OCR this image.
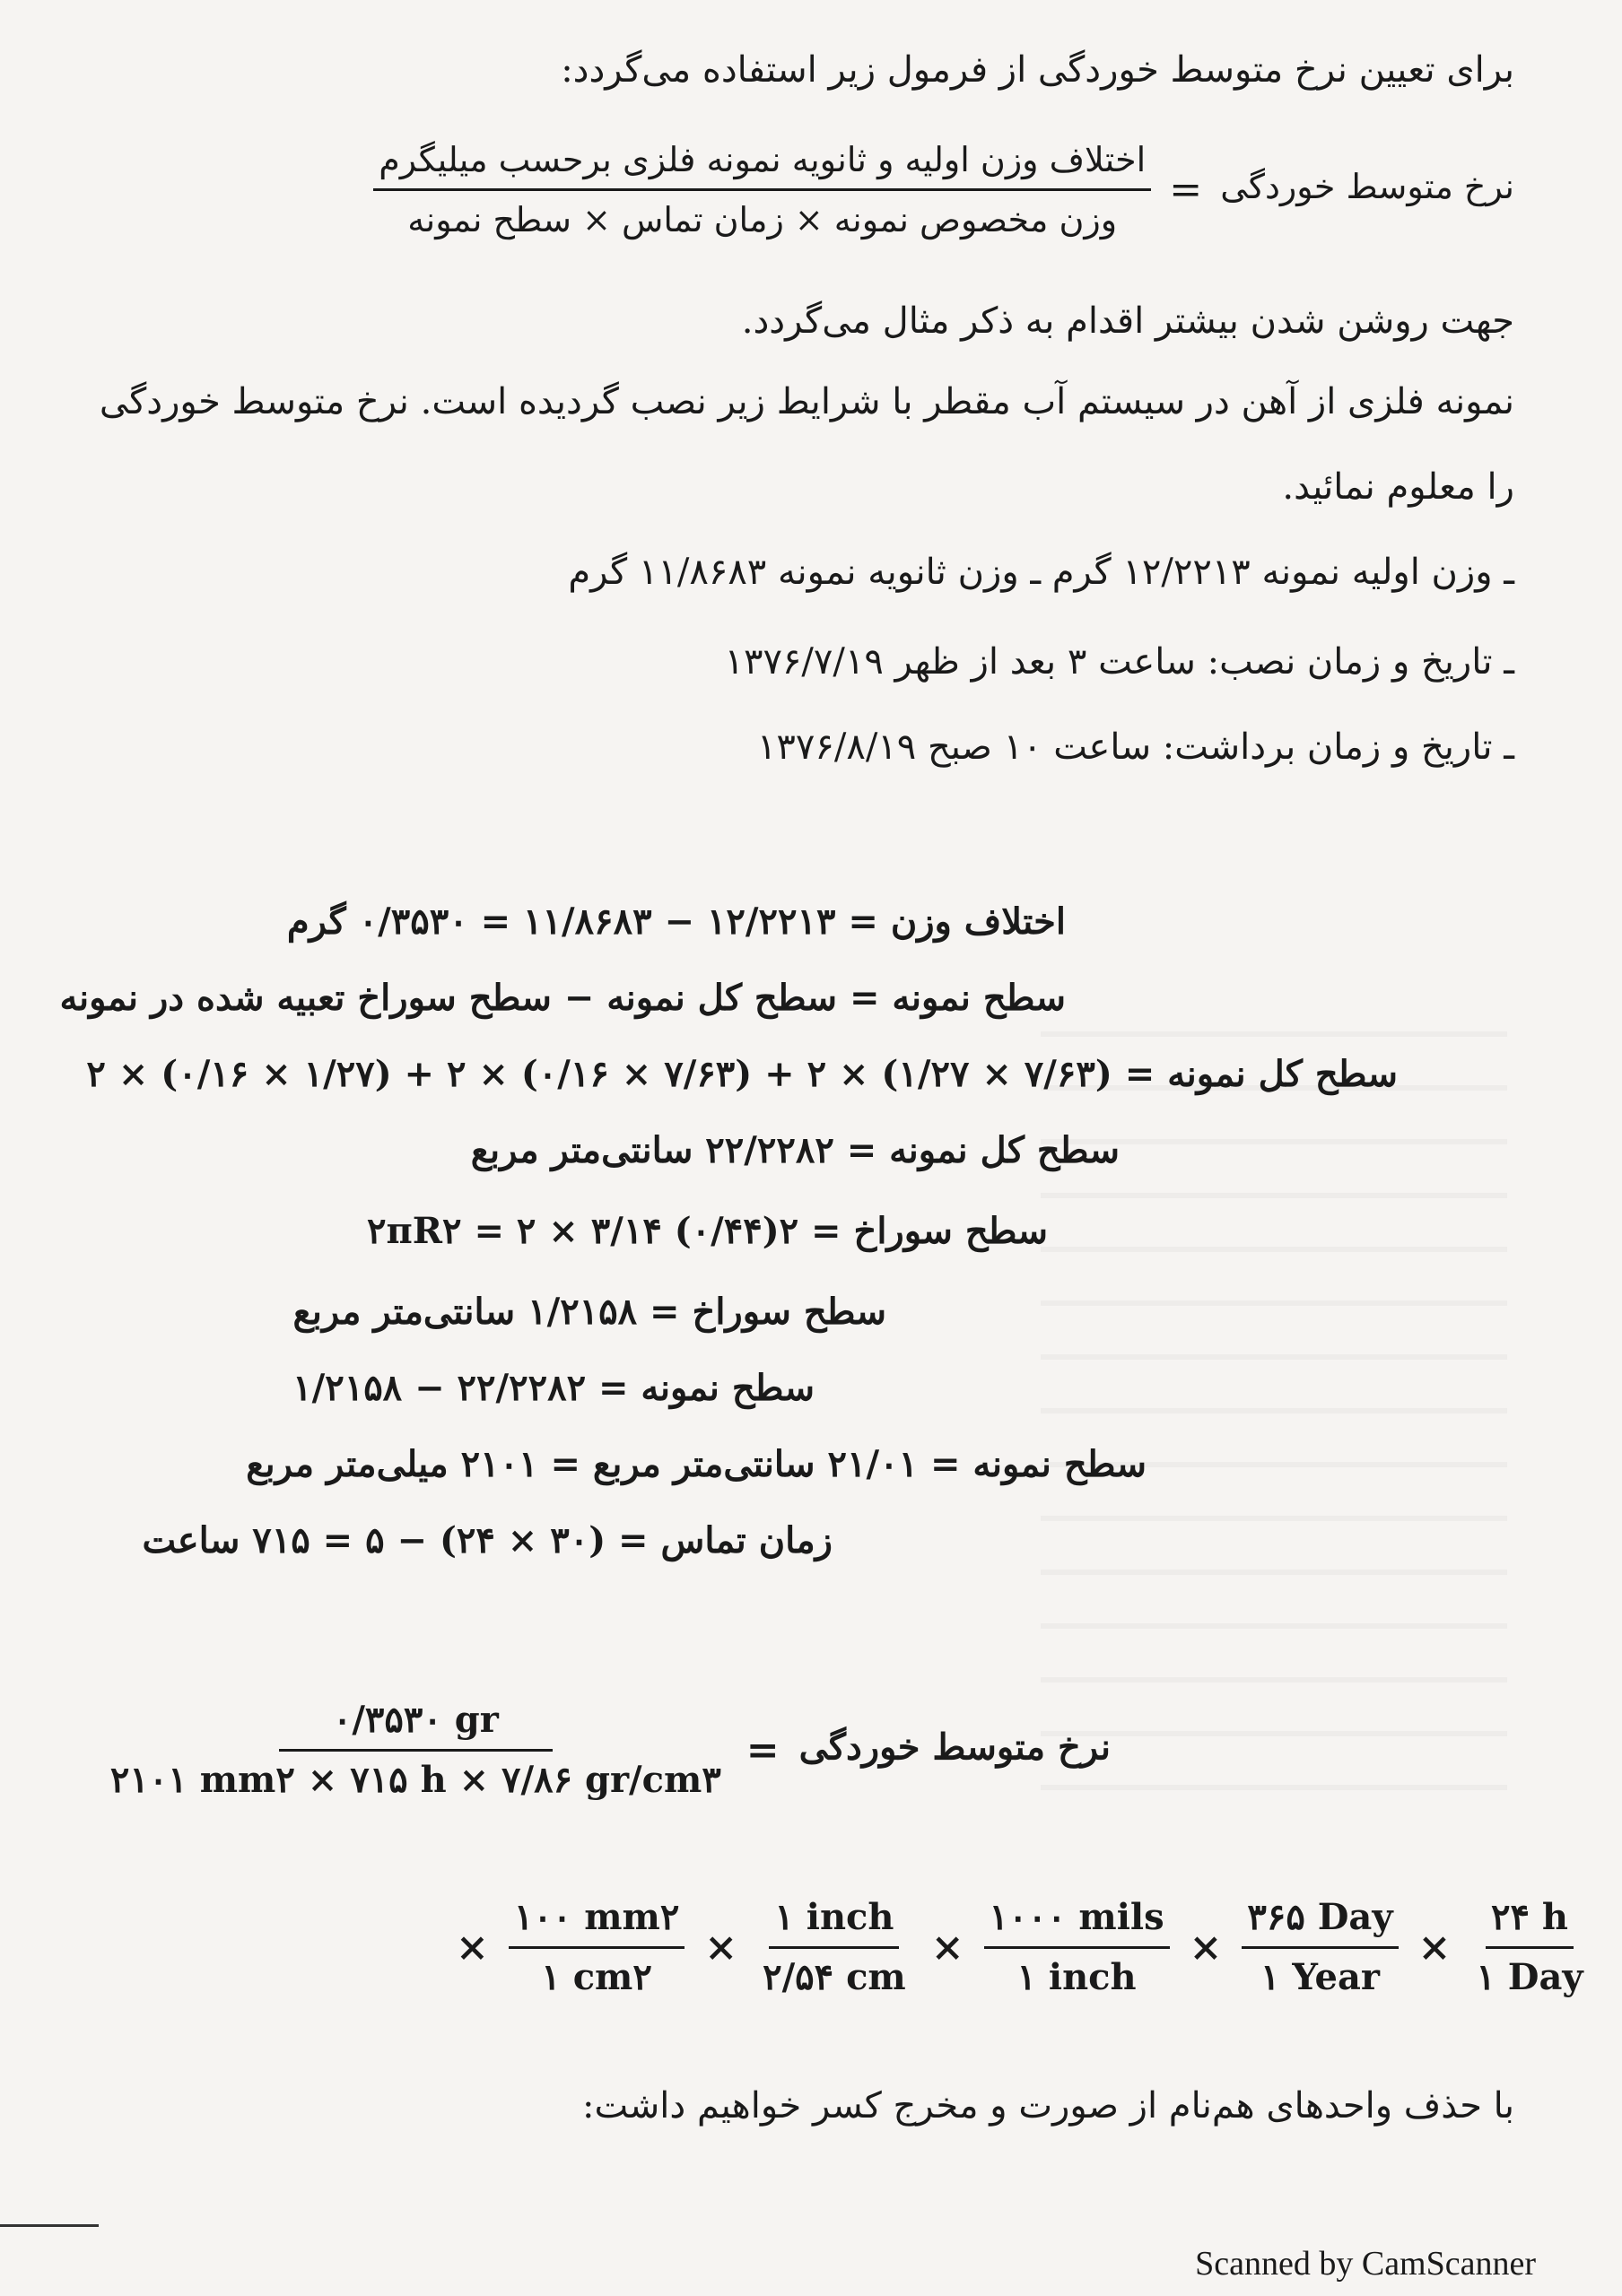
برای تعیین نرخ متوسط خوردگی از فرمول زیر استفاده می‌گردد:
نرخ متوسط خوردگی =
$\frac{\text{اختلاف وزن اولیه و ثانویه نمونه فلزی برحسب میلیگرم}}{\text{وزن مخصوص نمونه × زمان تماس × سطح نمونه}}$
جهت روشن شدن بیشتر اقدام به ذکر مثال می‌گردد.
نمونه فلزی از آهن در سیستم آب مقطر با شرایط زیر نصب گردیده است. نرخ متوسط خوردگی
را معلوم نمائید.
ـ وزن اولیه نمونه ۱۲/۲۲۱۳ گرم ـ وزن ثانویه نمونه ۱۱/۸۶۸۳ گرم
ـ تاریخ و زمان نصب: ساعت ۳ بعد از ظهر ۱۳۷۶/۷/۱۹
ـ تاریخ و زمان برداشت: ساعت ۱۰ صبح ۱۳۷۶/۸/۱۹
اختلاف وزن = ۱۲/۲۲۱۳ − ۱۱/۸۶۸۳ = ۰/۳۵۳۰ گرم
سطح نمونه = سطح کل نمونه − سطح سوراخ تعبیه شده در نمونه
سطح کل نمونه = (۷/۶۳ × ۱/۲۷) × ۲ + (۷/۶۳ × ۰/۱۶) × ۲ + (۱/۲۷ × ۰/۱۶) × ۲
سطح کل نمونه = ۲۲/۲۲۸۲ سانتی‌متر مربع
سطح سوراخ = ۲πR۲ = ۲ × ۳/۱۴ (۰/۴۴)۲
سطح سوراخ = ۱/۲۱۵۸ سانتی‌متر مربع
سطح نمونه = ۲۲/۲۲۸۲ − ۱/۲۱۵۸
سطح نمونه = ۲۱/۰۱ سانتی‌متر مربع = ۲۱۰۱ میلی‌متر مربع
زمان تماس = (۳۰ × ۲۴) − ۵ = ۷۱۵ ساعت
نرخ متوسط خوردگی =
$\frac{۰/۳۵۳۰ gr}{۲۱۰۱ mm۲ \times ۷۱۵ h \times ۷/۸۶ gr/cm۳}$
× $\frac{۱۰۰ mm۲}{۱ cm۲} \times \frac{\text{۱ inch}}{۲/۵۴ cm} \times \frac{\text{۱۰۰۰ mils}}{\text{۱ inch}} \times \frac{\text{۳۶۵ Day}}{\text{۱ Year}} \times \frac{۲۴ h}{\text{۱ Day}}$
با حذف واحدهای هم‌نام از صورت و مخرج کسر خواهیم داشت:
Scanned by CamScanner
